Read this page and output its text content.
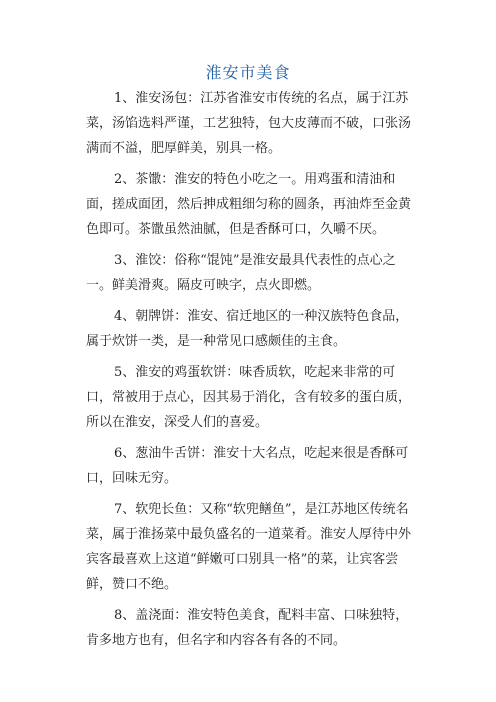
淮安市美食

1、淮安汤包：江苏省淮安市传统的名点，属于江苏菜，汤馅选料严谨，工艺独特，包大皮薄而不破，口张汤满而不溢，肥厚鲜美，别具一格。

2、茶馓：淮安的特色小吃之一。用鸡蛋和清油和面，搓成面团，然后抻成粗细匀称的圆条，再油炸至金黄色即可。茶馓虽然油腻，但是香酥可口，久嚼不厌。

3、淮饺：俗称“馄饨”是淮安最具代表性的点心之一。鲜美滑爽。隔皮可映字，点火即燃。

4、朝牌饼：淮安、宿迁地区的一种汉族特色食品，属于炊饼一类，是一种常见口感颇佳的主食。

5、淮安的鸡蛋软饼：味香质软，吃起来非常的可口，常被用于点心，因其易于消化，含有较多的蛋白质，所以在淮安，深受人们的喜爱。

6、葱油牛舌饼：淮安十大名点，吃起来很是香酥可口，回味无穷。

7、软兜长鱼：又称“软兜鳝鱼”，是江苏地区传统名菜，属于淮扬菜中最负盛名的一道菜肴。淮安人厚待中外宾客最喜欢上这道“鲜嫩可口别具一格”的菜，让宾客尝鲜，赞口不绝。

8、盖浇面：淮安特色美食，配料丰富、口味独特，肯多地方也有，但名字和内容各有各的不同。
